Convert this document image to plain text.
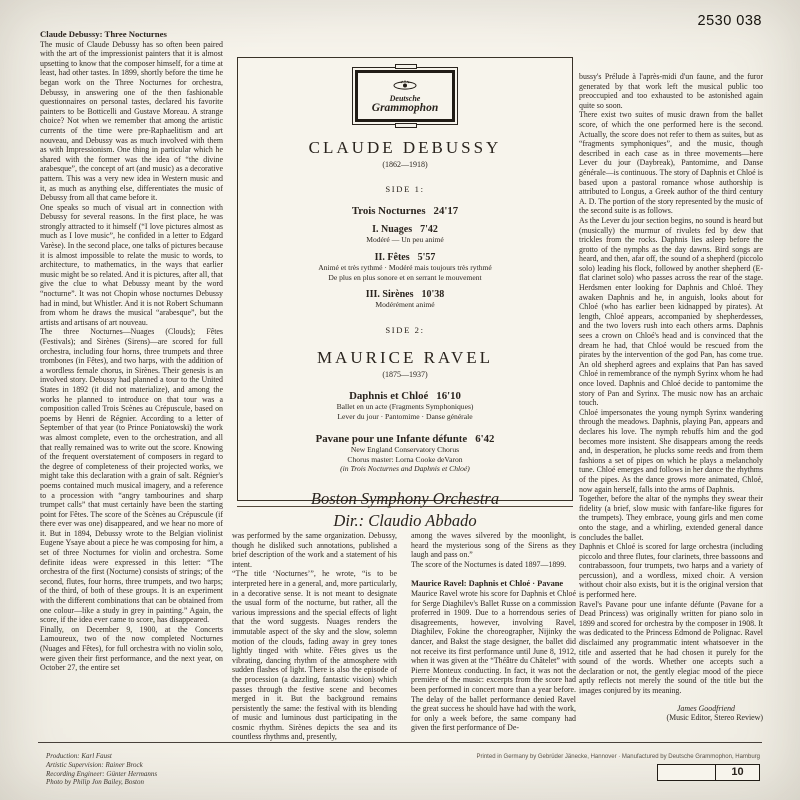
2530 038

Claude Debussy: Three Nocturnes

The music of Claude Debussy has so often been paired with the art of the impressionist painters that it is almost upsetting to know that the composer himself, for a time at least, had other tastes. In 1899, shortly before the time he began work on the Three Nocturnes for orchestra, Debussy, in answering one of the then fashionable questionnaires on personal tastes, declared his favorite painters to be Botticelli and Gustave Moreau. A strange choice? Not when we remember that among the artistic currents of the time were pre-Raphaelitism and art nouveau, and Debussy was as much involved with them as with Impressionism. One thing in particular which he shared with the former was the idea of “the divine arabesque”, the concept of art (and music) as a decorative pattern. This was a very new idea in Western music and it, as much as anything else, differentiates the music of Debussy from all that came before it.

One speaks so much of visual art in connection with Debussy for several reasons. In the first place, he was strongly attracted to it himself (“I love pictures almost as much as I love music”, he confided in a letter to Edgard Varèse). In the second place, one talks of pictures because it is almost impossible to relate the music to words, to architecture, to mathematics, in the ways that earlier music might be so related. And it is pictures, after all, that give the clue to what Debussy meant by the word “nocturne”. It was not Chopin whose nocturnes Debussy had in mind, but Whistler. And it is not Robert Schumann from whom he draws the musical “arabesque”, but the artists and artisans of art nouveau.

The three Nocturnes—Nuages (Clouds); Fêtes (Festivals); and Sirènes (Sirens)—are scored for full orchestra, including four horns, three trumpets and three trombones (in Fêtes), and two harps, with the addition of a wordless female chorus, in Sirènes. Their genesis is an involved story. Debussy had planned a tour to the United States in 1892 (it did not materialize), and among the works he planned to introduce on that tour was a composition called Trois Scènes au Crépuscule, based on poems by Henri de Régnier. According to a letter of September of that year (to Prince Poniatowski) the work was almost complete, even to the orchestration, and all that really remained was to write out the score. Knowing of the frequent overstatement of composers in regard to the degree of completeness of their projected works, we might take this declaration with a grain of salt. Régnier's poems contained much musical imagery, and a reference to a procession with “angry tambourines and sharp trumpet calls” that must certainly have been the starting point for Fêtes. The score of the Scènes au Crépuscule (if there ever was one) disappeared, and we hear no more of it. But in 1894, Debussy wrote to the Belgian violinist Eugene Ysaye about a piece he was composing for him, a set of three Nocturnes for violin and orchestra. Some definite ideas were expressed in this letter: “The orchestra of the first (Nocturne) consists of strings; of the second, flutes, four horns, three trumpets, and two harps; of the third, of both of these groups. It is an experiment with the different combinations that can be obtained from one colour—like a study in grey in painting.” Again, the score, if the idea ever came to score, has disappeared.

Finally, on December 9, 1900, at the Concerts Lamoureux, two of the now completed Nocturnes (Nuages and Fêtes), for full orchestra with no violin solo, were given their first performance, and the next year, on October 27, the entire set

Deutsche
Grammophon
CLAUDE DEBUSSY
(1862—1918)
SIDE 1:
Trois Nocturnes 24'17
I. Nuages 7'42
Modéré — Un peu animé
II. Fêtes 5'57
Animé et très rythmé · Modéré mais toujours très rythmé
De plus en plus sonore et en serrant le mouvement
III. Sirènes 10'38
Modérément animé
SIDE 2:
MAURICE RAVEL
(1875—1937)
Daphnis et Chloé 16'10
Ballet en un acte (Fragments Symphoniques)
Lever du jour · Pantomime · Danse générale
Pavane pour une Infante défunte 6'42
New England Conservatory Chorus
Chorus master: Lorna Cooke deVaron
(in Trois Nocturnes and Daphnis et Chloé)
Boston Symphony Orchestra
Dir.: Claudio Abbado

was performed by the same organization. Debussy, though he disliked such annotations, published a brief description of the work and a statement of his intent.

“The title ‘Nocturnes’”, he wrote, “is to be interpreted here in a general, and, more particularly, in a decorative sense. It is not meant to designate the usual form of the nocturne, but rather, all the various impressions and the special effects of light that the word suggests. Nuages renders the immutable aspect of the sky and the slow, solemn motion of the clouds, fading away in grey tones lightly tinged with white. Fêtes gives us the vibrating, dancing rhythm of the atmosphere with sudden flashes of light. There is also the episode of the procession (a dazzling, fantastic vision) which passes through the festive scene and becomes merged in it. But the background remains persistently the same: the festival with its blending of music and luminous dust participating in the cosmic rhythm. Sirènes depicts the sea and its countless rhythms and, presently,

among the waves silvered by the moonlight, is heard the mysterious song of the Sirens as they laugh and pass on.”

The score of the Nocturnes is dated 1897—1899.

Maurice Ravel: Daphnis et Chloé · Pavane

Maurice Ravel wrote his score for Daphnis et Chloé for Serge Diaghilev's Ballet Russe on a commission proferred in 1909. Due to a horrendous series of disagreements, however, involving Ravel, Diaghilev, Fokine the choreographer, Nijinky the dancer, and Bakst the stage designer, the ballet did not receive its first performance until June 8, 1912, when it was given at the “Théâtre du Châtelet” with Pierre Monteux conducting. In fact, it was not the première of the music: excerpts from the score had been performed in concert more than a year before. The delay of the ballet performance denied Ravel the great success he should have had with the work, for only a week before, the same company had given the first performance of De-

bussy's Prélude à l'après-midi d'un faune, and the furor generated by that work left the musical public too preoccupied and too exhausted to be astonished again quite so soon.

There exist two suites of music drawn from the ballet score, of which the one performed here is the second. Actually, the score does not refer to them as suites, but as “fragments symphoniques”, and the music, though described in each case as in three movements—here Lever du jour (Daybreak), Pantomime, and Danse générale—is continuous. The story of Daphnis et Chloé is based upon a pastoral romance whose authorship is attributed to Longus, a Greek author of the third century A. D. The portion of the story represented by the music of the second suite is as follows.

As the Lever du jour section begins, no sound is heard but (musically) the murmur of rivulets fed by dew that trickles from the rocks. Daphnis lies asleep before the grotto of the nymphs as the day dawns. Bird songs are heard, and then, afar off, the sound of a shepherd (piccolo solo) leading his flock, followed by another shepherd (E-flat clarinet solo) who passes across the rear of the stage. Herdsmen enter looking for Daphnis and Chloé. They awaken Daphnis and he, in anguish, looks about for Chloé (who has earlier been kidnapped by pirates). At length, Chloé appears, accompanied by shepherdesses, and the two lovers rush into each others arms. Daphnis sees a crown on Chloé's head and is convinced that the dream he had, that Chloé would be rescued from the pirates by the intervention of the god Pan, has come true. An old shepherd agrees and explains that Pan has saved Chloé in remembrance of the nymph Syrinx whom he had once loved. Daphnis and Chloé decide to pantomime the story of Pan and Syrinx. The music now has an archaic touch.

Chloé impersonates the young nymph Syrinx wandering through the meadows. Daphnis, playing Pan, appears and declares his love. The nymph rebuffs him and the god becomes more insistent. She disappears among the reeds and, in desperation, he plucks some reeds and from them fashions a set of pipes on which he plays a melancholy tune. Chloé emerges and follows in her dance the rhythms of the pipes. As the dance grows more animated, Chloé, now again herself, falls into the arms of Daphnis.

Together, before the altar of the nymphs they swear their fidelity (a brief, slow music with fanfare-like figures for the trumpets). They embrace, young girls and men come onto the stage, and a whirling, extended general dance concludes the ballet.

Daphnis et Chloé is scored for large orchestra (including piccolo and three flutes, four clarinets, three bassoons and contrabassoon, four trumpets, two harps and a variety of percussion), and a wordless, mixed choir. A version without choir also exists, but it is the original version that is performed here.

Ravel's Pavane pour une infante défunte (Pavane for a Dead Princess) was originally written for piano solo in 1899 and scored for orchestra by the composer in 1908. It was dedicated to the Princess Edmond de Polignac. Ravel disclaimed any programmatic intent whatsoever in the title and asserted that he had chosen it purely for the sound of the words. Whether one accepts such a declaration or not, the gently elegiac mood of the piece aptly reflects not merely the sound of the title but the images conjured by its meaning.

James Goodfriend
(Music Editor, Stereo Review)
Production: Karl Faust
Artistic Supervision: Rainer Brock
Recording Engineer: Günter Hermanns
Photo by Philip Jon Bailey, Boston
Printed in Germany by Gebrüder Jänecke, Hannover · Manufactured by Deutsche Grammophon, Hamburg
10
